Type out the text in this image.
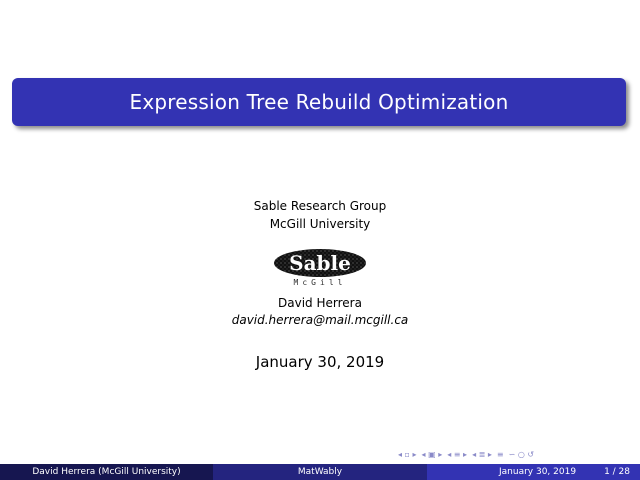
Expression Tree Rebuild Optimization
Sable Research Group
McGill University
Sable
McGill
David Herrera
david.herrera@mail.mcgill.ca
January 30, 2019
◂ ▫ ▸ ◂ ▣ ▸ ◂ ≡ ▸ ◂ ≣ ▸ ≡ ∽ ○ ↺
David Herrera (McGill University)	MatWably	January 30, 2019	1 / 28
